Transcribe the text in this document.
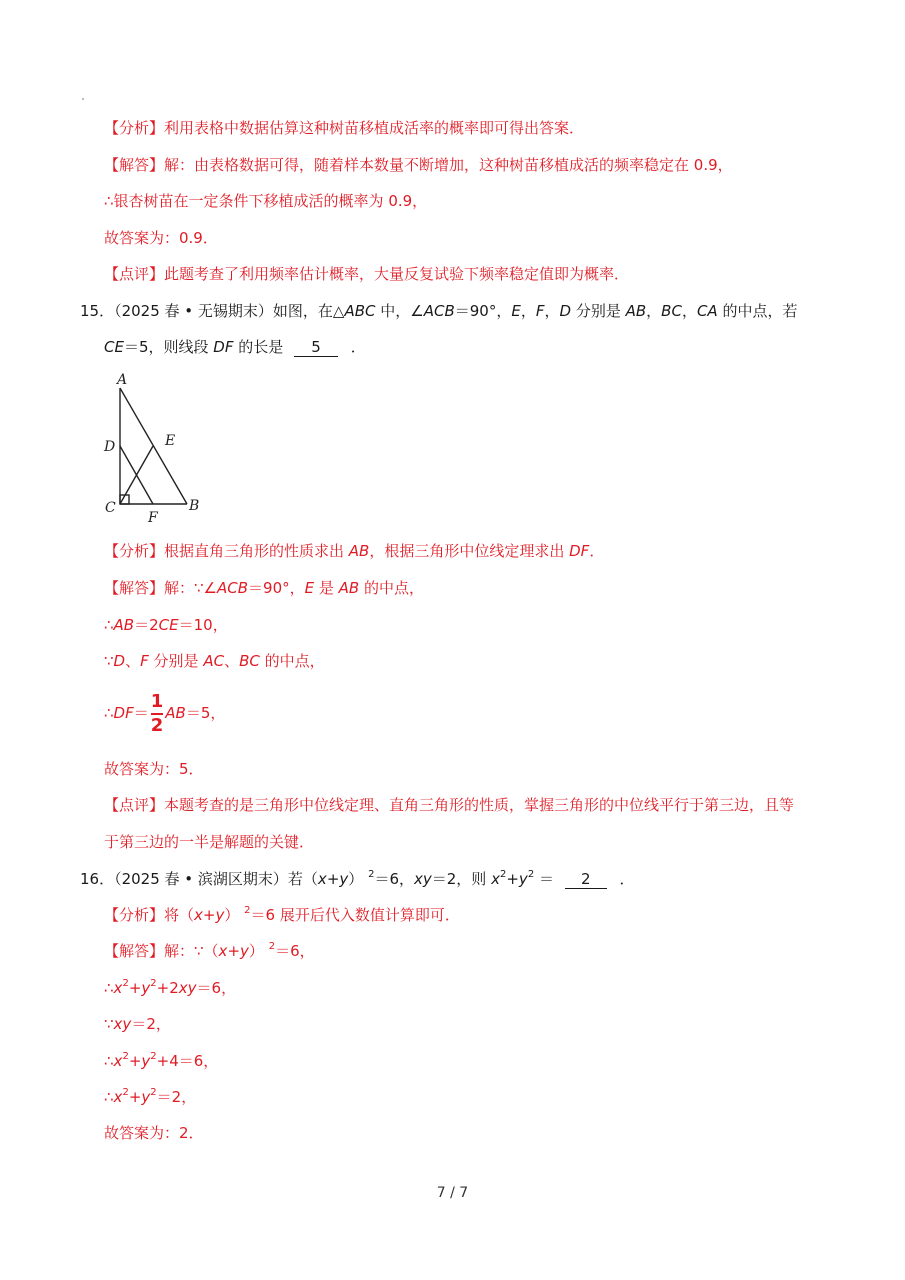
【分析】利用表格中数据估算这种树苗移植成活率的概率即可得出答案．
【解答】解：由表格数据可得，随着样本数量不断增加，这种树苗移植成活的频率稳定在 0.9，
∴银杏树苗在一定条件下移植成活的概率为 0.9，
故答案为：0.9．
【点评】此题考查了利用频率估计概率，大量反复试验下频率稳定值即为概率．
15．（2025 春 • 无锡期末）如图，在△ABC 中，∠ACB＝90°，E，F，D 分别是 AB，BC，CA 的中点，若
CE＝5，则线段 DF 的长是 5 ．
A
D	E
C	B
F
【分析】根据直角三角形的性质求出 AB，根据三角形中位线定理求出 DF．
【解答】解：∵∠ACB＝90°，E 是 AB 的中点，
∴AB＝2CE＝10，
∵D、F 分别是 AC、BC 的中点，
∴DF＝ $\frac{1}{2} AB=5$，
故答案为：5．
【点评】本题考查的是三角形中位线定理、直角三角形的性质，掌握三角形的中位线平行于第三边，且等
于第三边的一半是解题的关键．
16．（2025 春 • 滨湖区期末）若（x+y） $^2$＝6，xy＝2，则 $x^2+y^2 = 2$ ．
【分析】将（x+y） $^2$＝6 展开后代入数值计算即可．
【解答】解：∵（x+y） $^2$＝6，
$\therefore x^2+y^2+2xy=6$，
∵xy＝2，
$\therefore x^2+y^2+4=6$，
$\therefore x^2+y^2=2$，
故答案为：2．
7 / 7
